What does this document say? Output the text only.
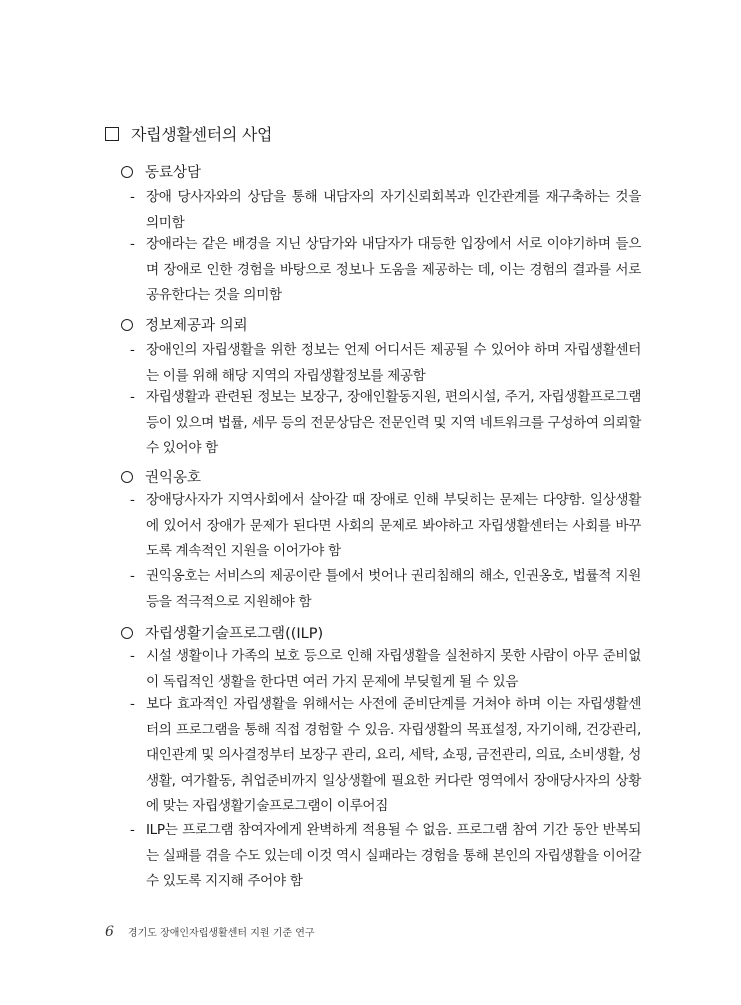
자립생활센터의 사업
동료상담
- 장애 당사자와의 상담을 통해 내담자의 자기신뢰회복과 인간관계를 재구축하는 것을 의미함
- 장애라는 같은 배경을 지닌 상담가와 내담자가 대등한 입장에서 서로 이야기하며 들으며 장애로 인한 경험을 바탕으로 정보나 도움을 제공하는 데, 이는 경험의 결과를 서로 공유한다는 것을 의미함
정보제공과 의뢰
- 장애인의 자립생활을 위한 정보는 언제 어디서든 제공될 수 있어야 하며 자립생활센터는 이를 위해 해당 지역의 자립생활정보를 제공함
- 자립생활과 관련된 정보는 보장구, 장애인활동지원, 편의시설, 주거, 자립생활프로그램등이 있으며 법률, 세무 등의 전문상담은 전문인력 및 지역 네트워크를 구성하여 의뢰할 수 있어야 함
권익옹호
- 장애당사자가 지역사회에서 살아갈 때 장애로 인해 부딪히는 문제는 다양함. 일상생활에 있어서 장애가 문제가 된다면 사회의 문제로 봐야하고 자립생활센터는 사회를 바꾸도록 계속적인 지원을 이어가야 함
- 권익옹호는 서비스의 제공이란 틀에서 벗어나 권리침해의 해소, 인권옹호, 법률적 지원 등을 적극적으로 지원해야 함
자립생활기술프로그램((ILP)
- 시설 생활이나 가족의 보호 등으로 인해 자립생활을 실천하지 못한 사람이 아무 준비없이 독립적인 생활을 한다면 여러 가지 문제에 부딪힐게 될 수 있음
- 보다 효과적인 자립생활을 위해서는 사전에 준비단계를 거쳐야 하며 이는 자립생활센터의 프로그램을 통해 직접 경험할 수 있음. 자립생활의 목표설정, 자기이해, 건강관리, 대인관계 및 의사결정부터 보장구 관리, 요리, 세탁, 쇼핑, 금전관리, 의료, 소비생활, 성생활, 여가활동, 취업준비까지 일상생활에 필요한 커다란 영역에서 장애당사자의 상황에 맞는 자립생활기술프로그램이 이루어짐
- ILP는 프로그램 참여자에게 완벽하게 적용될 수 없음. 프로그램 참여 기간 동안 반복되는 실패를 겪을 수도 있는데 이것 역시 실패라는 경험을 통해 본인의 자립생활을 이어갈 수 있도록 지지해 주어야 함
6 경기도 장애인자립생활센터 지원 기준 연구
